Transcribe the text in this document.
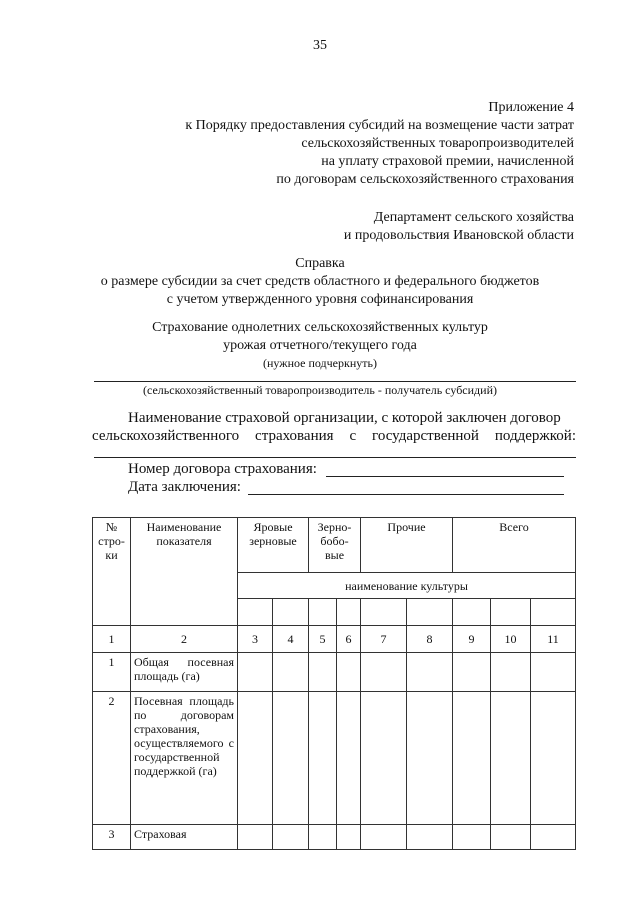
35
Приложение 4
к Порядку предоставления субсидий на возмещение части затрат
сельскохозяйственных товаропроизводителей
на уплату страховой премии, начисленной
по договорам сельскохозяйственного страхования
Департамент сельского хозяйства
и продовольствия Ивановской области
Справка
о размере субсидии за счет средств областного и федерального бюджетов
с учетом утвержденного уровня софинансирования
Страхование однолетних сельскохозяйственных культур
урожая отчетного/текущего года
(нужное подчеркнуть)
(сельскохозяйственный товаропроизводитель - получатель субсидий)
Наименование страховой организации, с которой заключен договор
сельскохозяйственного страхования с государственной поддержкой:
Номер договора страхования:
Дата заключения:
№ стро-ки	Наименование показателя	Яровые зерновые		Зерно-бобо-вые		Прочие		Всего		
		наименование культуры								

1	2	3	4	5	6	7	8	9	10	11
1	Общая посевная площадь (га)									
2	Посевная площадь по договорам страхования, осуществляемого с государственной поддержкой (га)									
3	Страховая									
